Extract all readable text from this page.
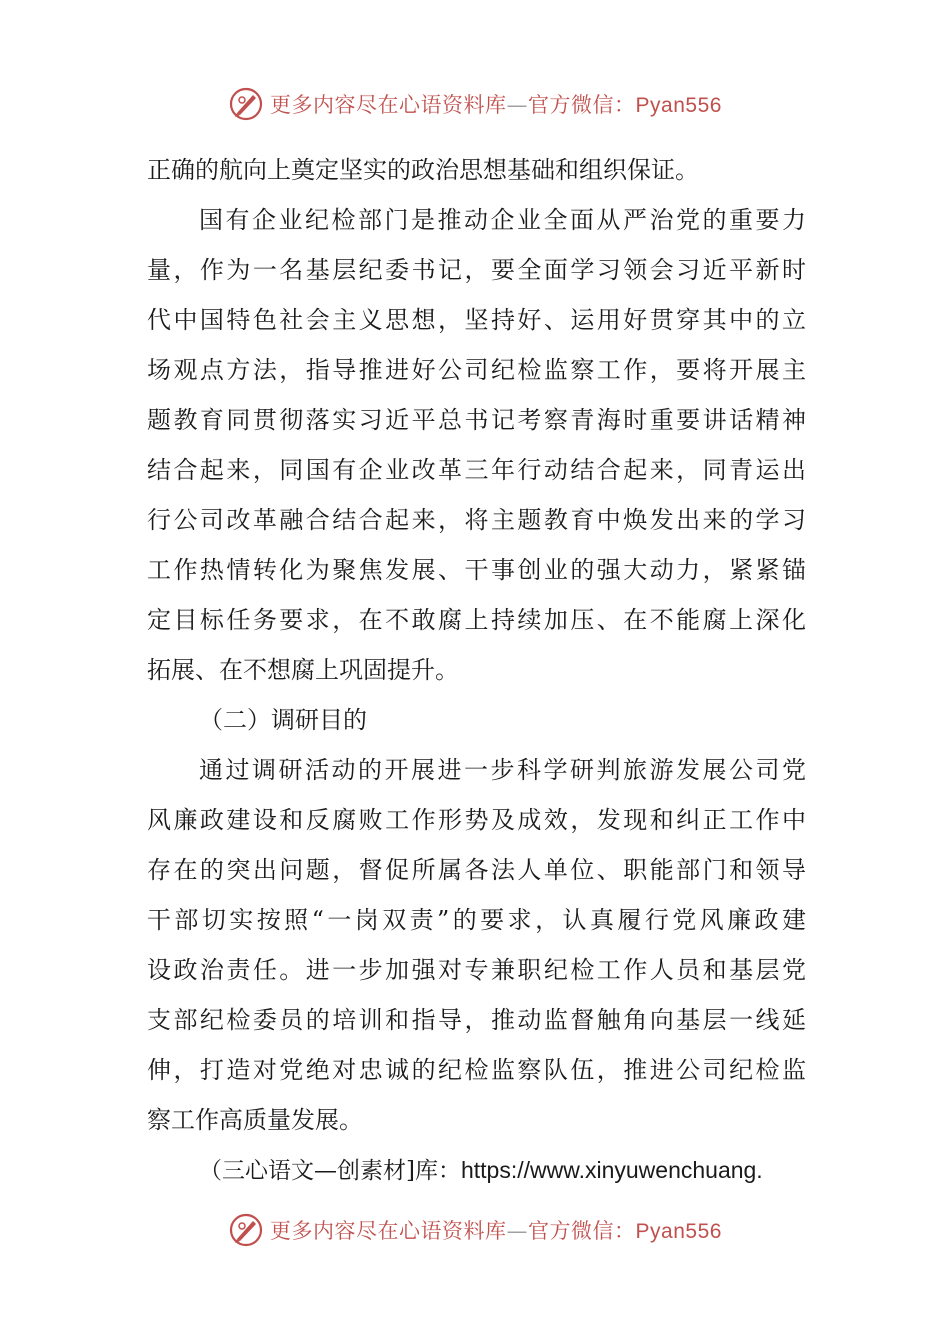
更多内容尽在心语资料库—官方微信：Pyan556
正确的航向上奠定坚实的政治思想基础和组织保证。
国有企业纪检部门是推动企业全面从严治党的重要力
量，作为一名基层纪委书记，要全面学习领会习近平新时
代中国特色社会主义思想，坚持好、运用好贯穿其中的立
场观点方法，指导推进好公司纪检监察工作，要将开展主
题教育同贯彻落实习近平总书记考察青海时重要讲话精神
结合起来，同国有企业改革三年行动结合起来，同青运出
行公司改革融合结合起来，将主题教育中焕发出来的学习
工作热情转化为聚焦发展、干事创业的强大动力，紧紧锚
定目标任务要求，在不敢腐上持续加压、在不能腐上深化
拓展、在不想腐上巩固提升。
（二）调研目的
通过调研活动的开展进一步科学研判旅游发展公司党
风廉政建设和反腐败工作形势及成效，发现和纠正工作中
存在的突出问题，督促所属各法人单位、职能部门和领导
干部切实按照“一岗双责”的要求，认真履行党风廉政建
设政治责任。进一步加强对专兼职纪检工作人员和基层党
支部纪检委员的培训和指导，推动监督触角向基层一线延
伸，打造对党绝对忠诚的纪检监察队伍，推进公司纪检监
察工作高质量发展。
（三心语文—创素材]库：https://www.xinyuwenchuang.
更多内容尽在心语资料库—官方微信：Pyan556
